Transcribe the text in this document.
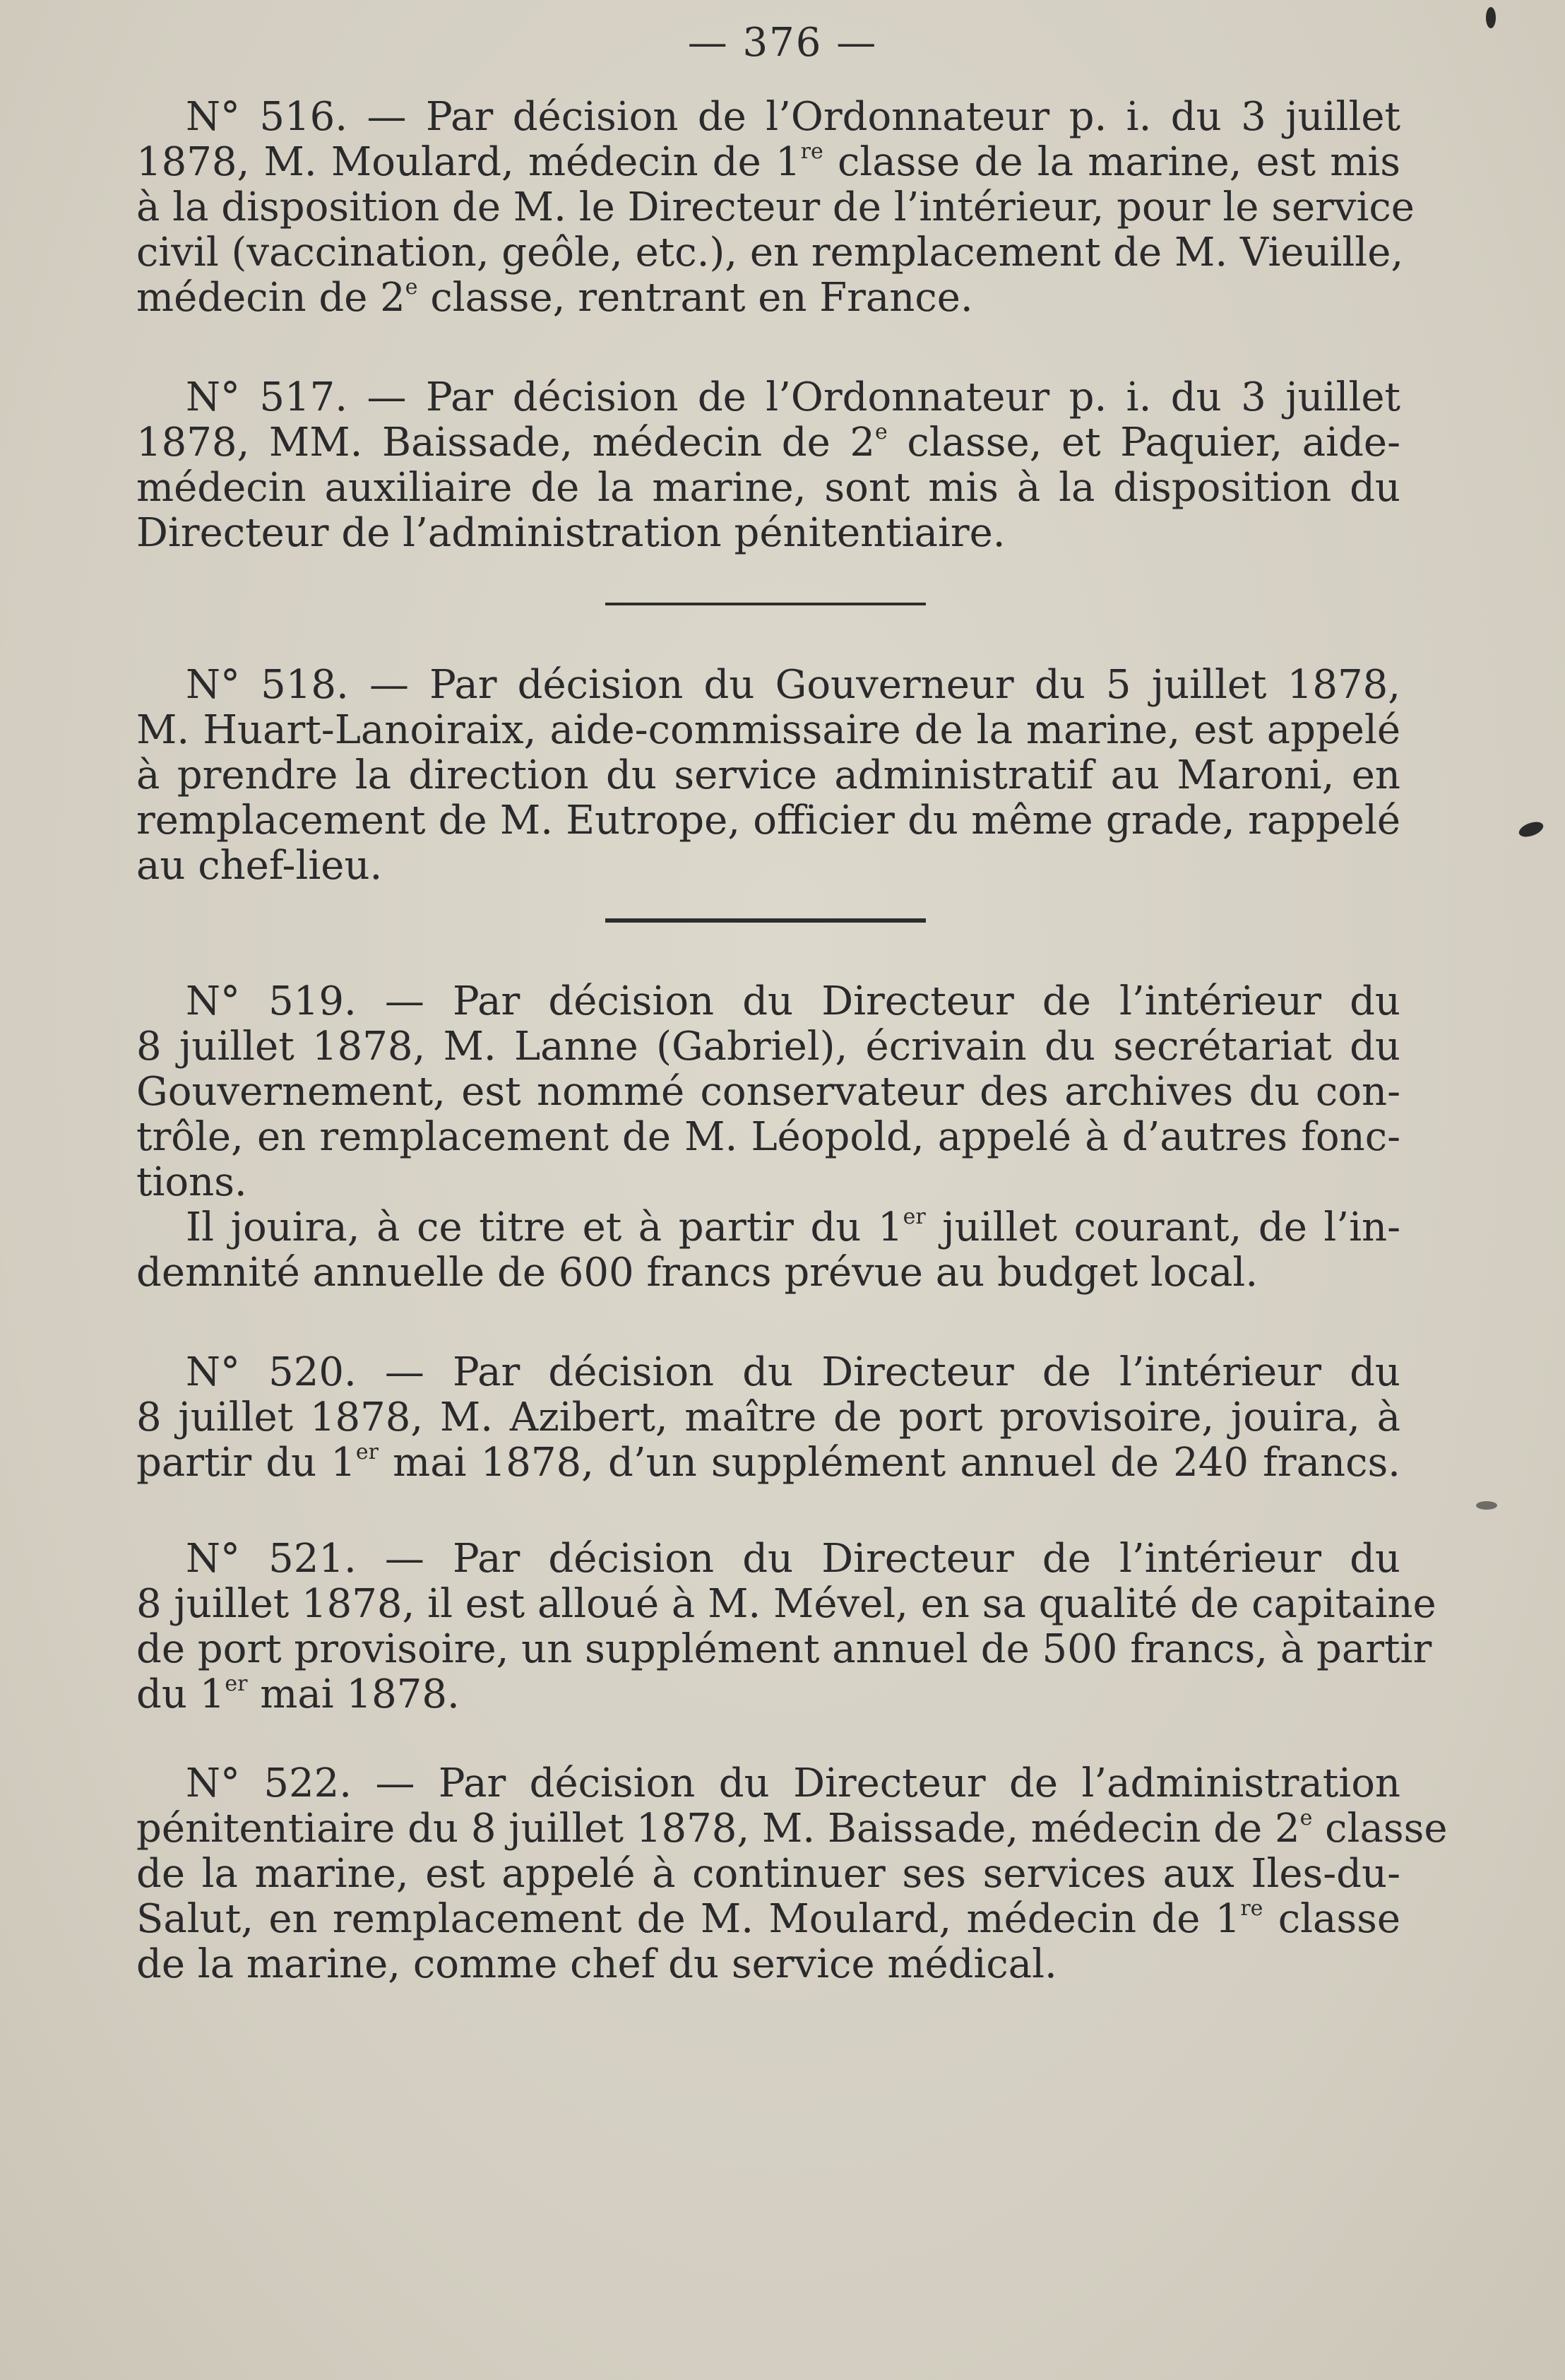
— 376 —
N° 516. — Par décision de l’Ordonnateur p. i. du 3 juillet
1878, M. Moulard, médecin de 1re classe de la marine, est mis
à la disposition de M. le Directeur de l’intérieur, pour le service
civil (vaccination, geôle, etc.), en remplacement de M. Vieuille,
médecin de 2e classe, rentrant en France.
N° 517. — Par décision de l’Ordonnateur p. i. du 3 juillet
1878, MM. Baissade, médecin de 2e classe, et Paquier, aide-
médecin auxiliaire de la marine, sont mis à la disposition du
Directeur de l’administration pénitentiaire.
N° 518. — Par décision du Gouverneur du 5 juillet 1878,
M. Huart-Lanoiraix, aide-commissaire de la marine, est appelé
à prendre la direction du service administratif au Maroni, en
remplacement de M. Eutrope, officier du même grade, rappelé
au chef-lieu.
N° 519. — Par décision du Directeur de l’intérieur du
8 juillet 1878, M. Lanne (Gabriel), écrivain du secrétariat du
Gouvernement, est nommé conservateur des archives du con-
trôle, en remplacement de M. Léopold, appelé à d’autres fonc-
tions.
Il jouira, à ce titre et à partir du 1er juillet courant, de l’in-
demnité annuelle de 600 francs prévue au budget local.
N° 520. — Par décision du Directeur de l’intérieur du
8 juillet 1878, M. Azibert, maître de port provisoire, jouira, à
partir du 1er mai 1878, d’un supplément annuel de 240 francs.
N° 521. — Par décision du Directeur de l’intérieur du
8 juillet 1878, il est alloué à M. Mével, en sa qualité de capitaine
de port provisoire, un supplément annuel de 500 francs, à partir
du 1er mai 1878.
N° 522. — Par décision du Directeur de l’administration
pénitentiaire du 8 juillet 1878, M. Baissade, médecin de 2e classe
de la marine, est appelé à continuer ses services aux Iles-du-
Salut, en remplacement de M. Moulard, médecin de 1re classe
de la marine, comme chef du service médical.
